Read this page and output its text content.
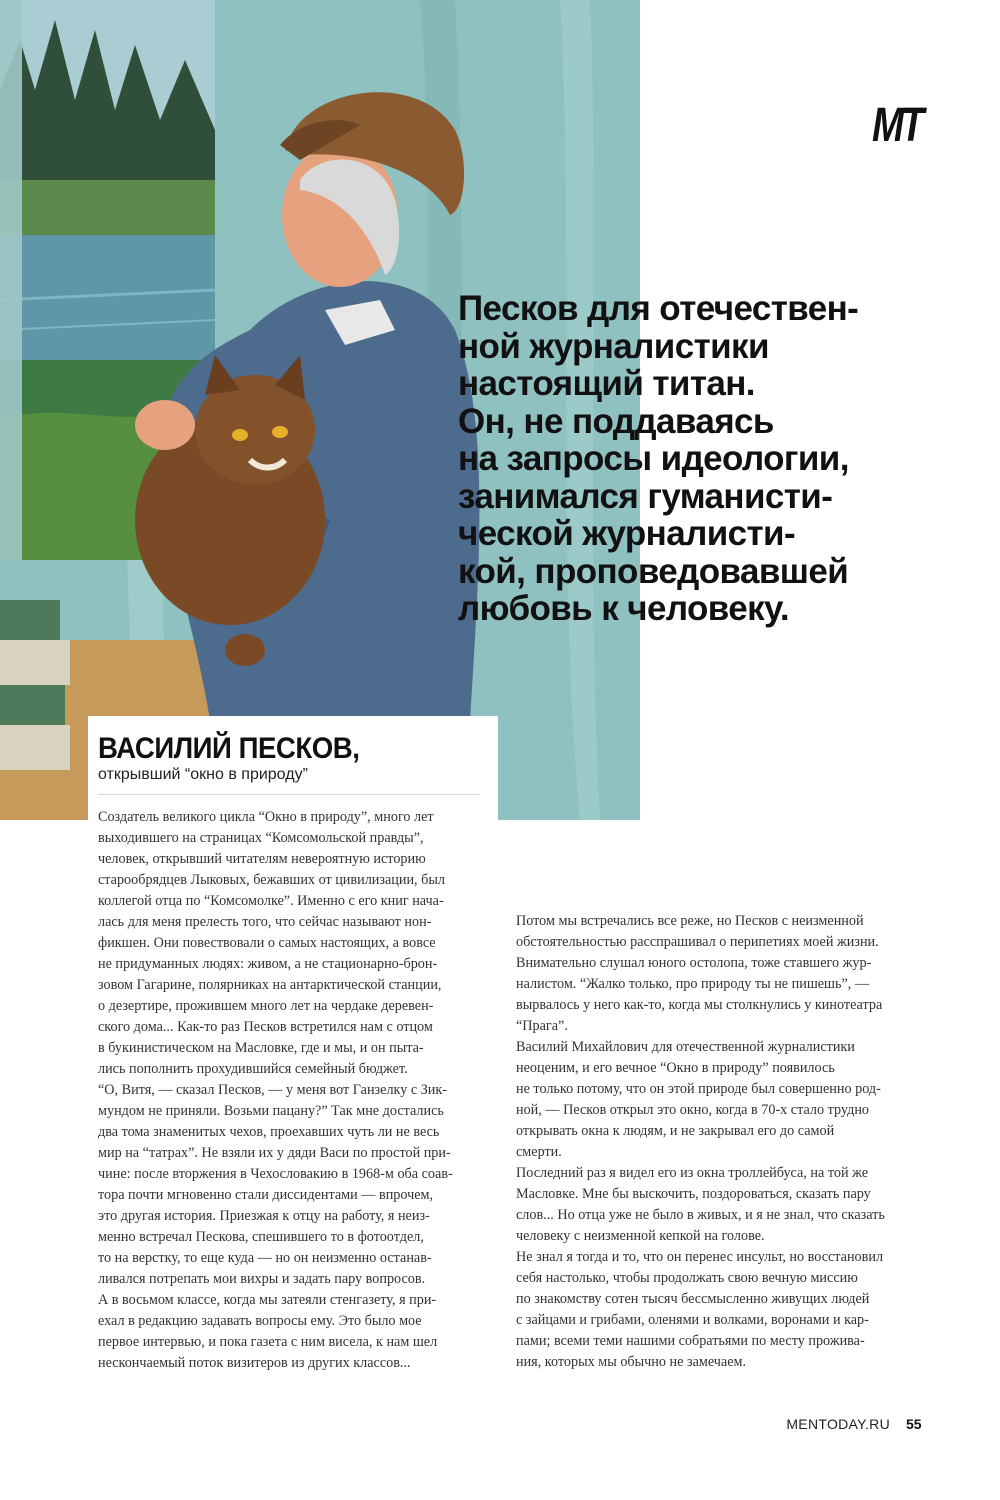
MT
Песков для отечествен-
ной журналистики
настоящий титан.
Он, не поддаваясь
на запросы идеологии,
занимался гуманисти-
ческой журналисти-
кой, проповедовавшей
любовь к человеку.
ВАСИЛИЙ ПЕСКОВ,
открывший “окно в природу”
Создатель великого цикла “Окно в природу”, много лет
выходившего на страницах “Комсомольской правды”,
человек, открывший читателям невероятную историю
старообрядцев Лыковых, бежавших от цивилизации, был
коллегой отца по “Комсомолке”. Именно с его книг нача-
лась для меня прелесть того, что сейчас называют нон-
фикшен. Они повествовали о самых настоящих, а вовсе
не придуманных людях: живом, а не стационарно-брон-
зовом Гагарине, полярниках на антарктической станции,
о дезертире, прожившем много лет на чердаке деревен-
ского дома... Как-то раз Песков встретился нам с отцом
в букинистическом на Масловке, где и мы, и он пыта-
лись пополнить прохудившийся семейный бюджет.
“О, Витя, — сказал Песков, — у меня вот Ганзелку с Зик-
мундом не приняли. Возьми пацану?” Так мне достались
два тома знаменитых чехов, проехавших чуть ли не весь
мир на “татрах”. Не взяли их у дяди Васи по простой при-
чине: после вторжения в Чехословакию в 1968-м оба соав-
тора почти мгновенно стали диссидентами — впрочем,
это другая история. Приезжая к отцу на работу, я неиз-
менно встречал Пескова, спешившего то в фотоотдел,
то на верстку, то еще куда — но он неизменно останав-
ливался потрепать мои вихры и задать пару вопросов.
А в восьмом классе, когда мы затеяли стенгазету, я при-
ехал в редакцию задавать вопросы ему. Это было мое
первое интервью, и пока газета с ним висела, к нам шел
нескончаемый поток визитеров из других классов...
Потом мы встречались все реже, но Песков с неизменной
обстоятельностью расспрашивал о перипетиях моей жизни.
Внимательно слушал юного остолопа, тоже ставшего жур-
налистом. “Жалко только, про природу ты не пишешь”, —
вырвалось у него как-то, когда мы столкнулись у кинотеатра
“Прага”.
Василий Михайлович для отечественной журналистики
неоценим, и его вечное “Окно в природу” появилось
не только потому, что он этой природе был совершенно род-
ной, — Песков открыл это окно, когда в 70-х стало трудно
открывать окна к людям, и не закрывал его до самой
смерти.
Последний раз я видел его из окна троллейбуса, на той же
Масловке. Мне бы выскочить, поздороваться, сказать пару
слов... Но отца уже не было в живых, и я не знал, что сказать
человеку с неизменной кепкой на голове.
Не знал я тогда и то, что он перенес инсульт, но восстановил
себя настолько, чтобы продолжать свою вечную миссию
по знакомству сотен тысяч бессмысленно живущих людей
с зайцами и грибами, оленями и волками, воронами и кар-
пами; всеми теми нашими собратьями по месту прожива-
ния, которых мы обычно не замечаем.
MENTODAY.RU 55
